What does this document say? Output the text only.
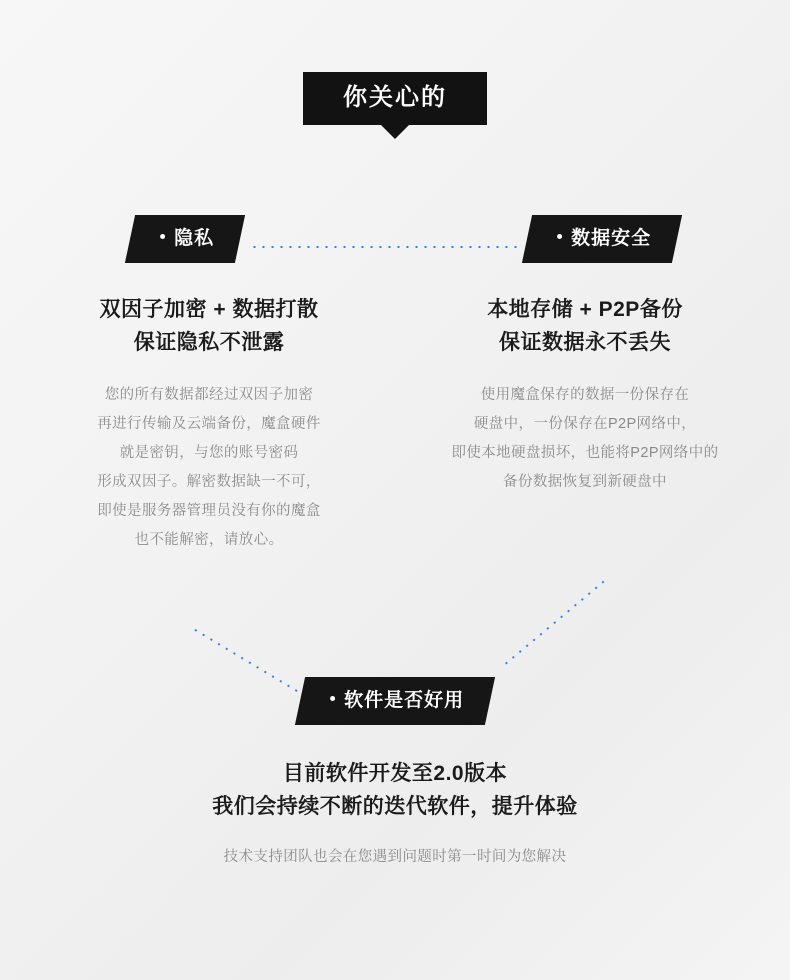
你关心的
隐私	数据安全
软件是否好用
双因子加密 + 数据打散
保证隐私不泄露
您的所有数据都经过双因子加密
再进行传输及云端备份，魔盒硬件
就是密钥，与您的账号密码
形成双因子。解密数据缺一不可，
即使是服务器管理员没有你的魔盒
也不能解密，请放心。
本地存储 + P2P备份
保证数据永不丢失
使用魔盒保存的数据一份保存在
硬盘中，一份保存在P2P网络中，
即使本地硬盘损坏，也能将P2P网络中的
备份数据恢复到新硬盘中
目前软件开发至2.0版本
我们会持续不断的迭代软件，提升体验
技术支持团队也会在您遇到问题时第一时间为您解决
